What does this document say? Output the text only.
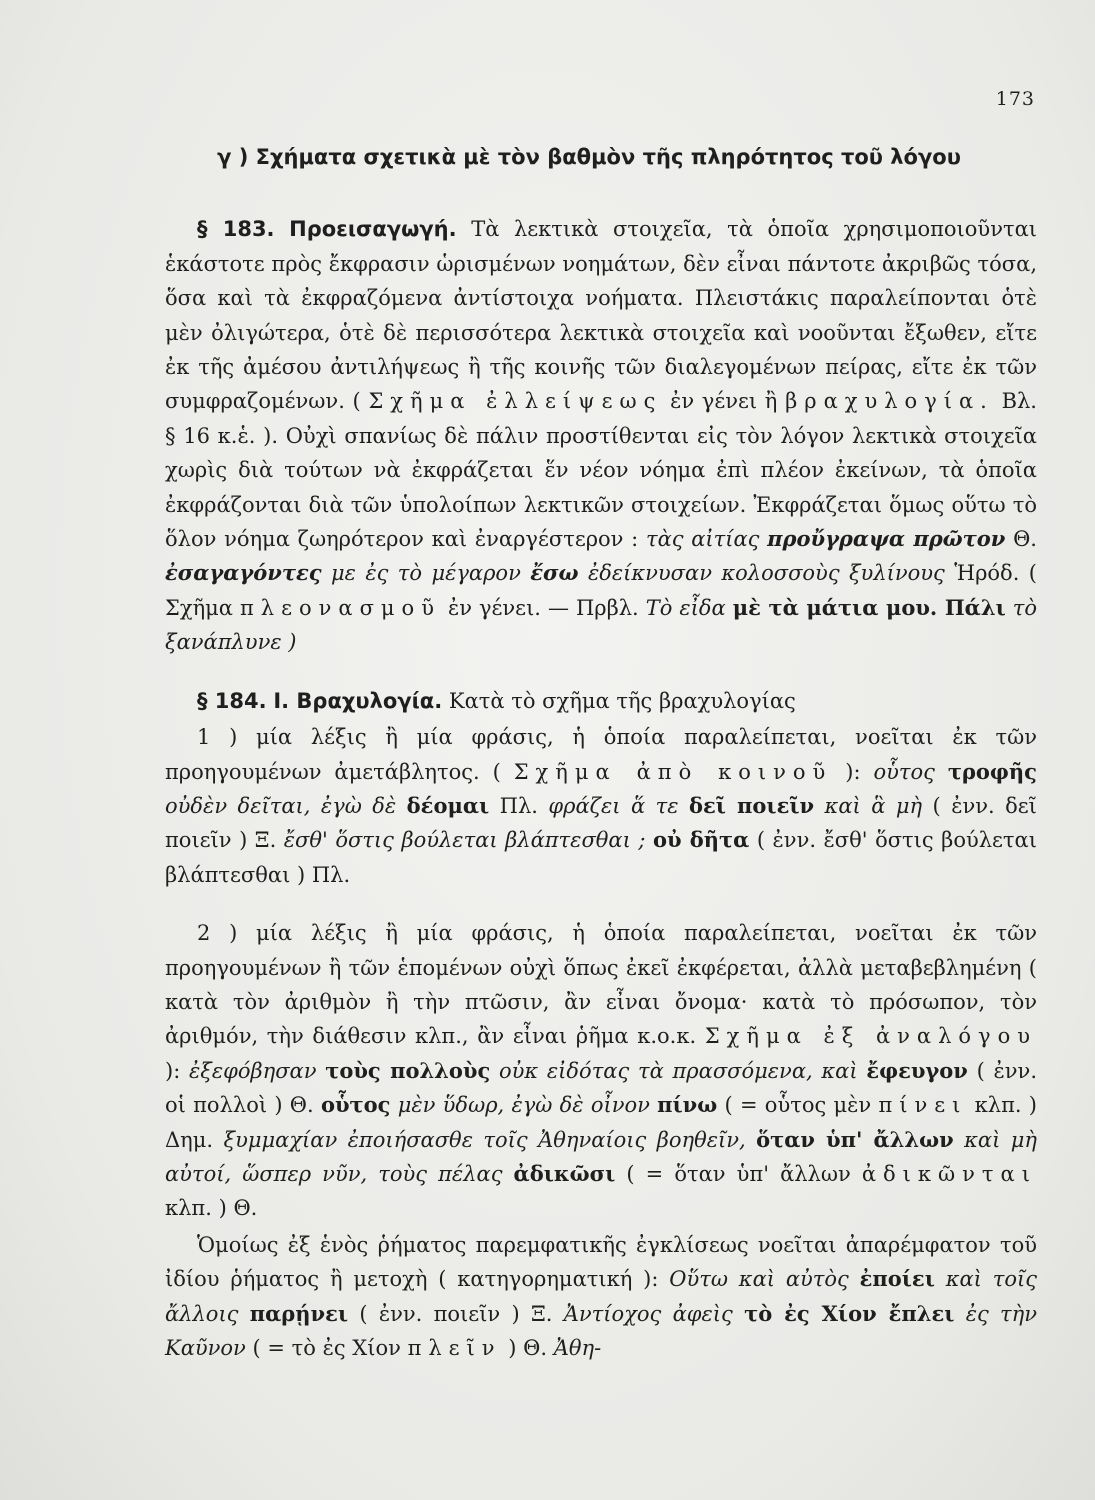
173
γ ) Σχήματα σχετικὰ μὲ τὸν βαθμὸν τῆς πληρότητος τοῦ λόγου

§ 183. Προεισαγωγή. Τὰ λεκτικὰ στοιχεῖα, τὰ ὁποῖα χρησιμοποιοῦνται ἑκάστοτε πρὸς ἔκφρασιν ὡρισμένων νοημάτων, δὲν εἶναι πάντοτε ἀκριβῶς τόσα, ὅσα καὶ τὰ ἐκφραζόμενα ἀντίστοιχα νοήματα. Πλειστάκις παραλείπονται ὁτὲ μὲν ὀλιγώτερα, ὁτὲ δὲ περισσότερα λεκτικὰ στοιχεῖα καὶ νοοῦνται ἔξωθεν, εἴτε ἐκ τῆς ἀμέσου ἀντιλήψεως ἢ τῆς κοινῆς τῶν διαλεγομένων πείρας, εἴτε ἐκ τῶν συμφραζομένων. ( Σχῆμα ἐλλείψεως ἐν γένει ἢ βραχυλογία. Βλ. § 16 κ.ἑ. ). Οὐχὶ σπανίως δὲ πάλιν προστίθενται εἰς τὸν λόγον λεκτικὰ στοιχεῖα χωρὶς διὰ τούτων νὰ ἐκφράζεται ἕν νέον νόημα ἐπὶ πλέον ἐκείνων, τὰ ὁποῖα ἐκφράζονται διὰ τῶν ὑπολοίπων λεκτικῶν στοιχείων. Ἐκφράζεται ὅμως οὕτω τὸ ὅλον νόημα ζωηρότερον καὶ ἐναργέστερον : τὰς αἰτίας προὔγραψα πρῶτον Θ. ἐσαγαγόντες με ἐς τὸ μέγαρον ἔσω ἐδείκνυσαν κολοσσοὺς ξυλίνους Ἡρόδ. ( Σχῆμα πλεονασμοῦ ἐν γένει. — Πρβλ. Τὸ εἶδα μὲ τὰ μάτια μου. Πάλι τὸ ξανάπλυνε )

§ 184. I. Βραχυλογία. Κατὰ τὸ σχῆμα τῆς βραχυλογίας

1 ) μία λέξις ἢ μία φράσις, ἡ ὁποία παραλείπεται, νοεῖται ἐκ τῶν προηγουμένων ἀμετάβλητος. ( Σχῆμα ἀπὸ κοινοῦ ): οὗτος τροφῆς οὐδὲν δεῖται, ἐγὼ δὲ δέομαι Πλ. φράζει ἅ τε δεῖ ποιεῖν καὶ ἃ μὴ ( ἐνν. δεῖ ποιεῖν ) Ξ. ἔσθ' ὅστις βούλεται βλάπτεσθαι ; οὐ δῆτα ( ἐνν. ἔσθ' ὅστις βούλεται βλάπτεσθαι ) Πλ.

2 ) μία λέξις ἢ μία φράσις, ἡ ὁποία παραλείπεται, νοεῖται ἐκ τῶν προηγουμένων ἢ τῶν ἑπομένων οὐχὶ ὅπως ἐκεῖ ἐκφέρεται, ἀλλὰ μεταβεβλημένη ( κατὰ τὸν ἀριθμὸν ἢ τὴν πτῶσιν, ἂν εἶναι ὄνομα· κατὰ τὸ πρόσωπον, τὸν ἀριθμόν, τὴν διάθεσιν κλπ., ἂν εἶναι ῥῆμα κ.ο.κ. Σχῆμα ἐξ ἀναλόγου ): ἐξεφόβησαν τοὺς πολλοὺς οὐκ εἰδότας τὰ πρασσόμενα, καὶ ἔφευγον ( ἐνν. οἱ πολλοὶ ) Θ. οὗτος μὲν ὕδωρ, ἐγὼ δὲ οἶνον πίνω ( = οὗτος μὲν πίνει κλπ. ) Δημ. ξυμμαχίαν ἐποιήσασθε τοῖς Ἀθηναίοις βοηθεῖν, ὅταν ὑπ' ἄλλων καὶ μὴ αὐτοί, ὥσπερ νῦν, τοὺς πέλας ἀδικῶσι ( = ὅταν ὑπ' ἄλλων ἀδικῶνται κλπ. ) Θ.

Ὁμοίως ἐξ ἑνὸς ῥήματος παρεμφατικῆς ἐγκλίσεως νοεῖται ἀπαρέμφατον τοῦ ἰδίου ῥήματος ἢ μετοχὴ ( κατηγορηματική ): Οὕτω καὶ αὐτὸς ἐποίει καὶ τοῖς ἄλλοις παρῄνει ( ἐνν. ποιεῖν ) Ξ. Ἀντίοχος ἀφεὶς τὸ ἐς Χίον ἔπλει ἐς τὴν Καῦνον ( = τὸ ἐς Χίον πλεῖν ) Θ. Ἀθη-
